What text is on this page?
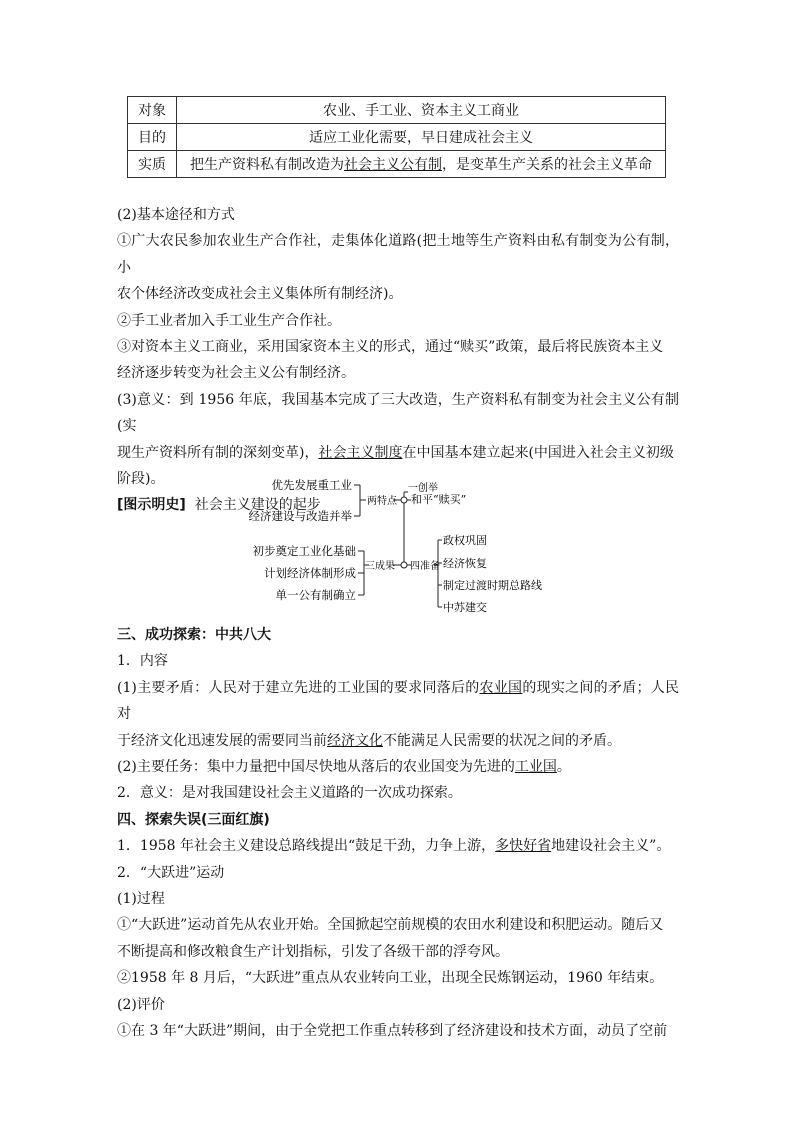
对象	农业、手工业、资本主义工商业
目的	适应工业化需要，早日建成社会主义
实质	把生产资料私有制改造为社会主义公有制，是变革生产关系的社会主义革命

(2)基本途径和方式

①广大农民参加农业生产合作社，走集体化道路(把土地等生产资料由私有制变为公有制，小

农个体经济改变成社会主义集体所有制经济)。

②手工业者加入手工业生产合作社。

③对资本主义工商业，采用国家资本主义的形式，通过“赎买”政策，最后将民族资本主义

经济逐步转变为社会主义公有制经济。

(3)意义：到 1956 年底，我国基本完成了三大改造，生产资料私有制变为社会主义公有制(实

现生产资料所有制的深刻变革)，社会主义制度在中国基本建立起来(中国进入社会主义初级

阶段)。

[图示明史] 社会主义建设的起步

优先发展重工业
经济建设与改造并举
两特点
一创举
和平“赎买”
初步奠定工业化基础
计划经济体制形成
单一公有制确立
三成果 四准备
政权巩固
经济恢复
制定过渡时期总路线
中苏建交

三、成功探索：中共八大

1．内容

(1)主要矛盾：人民对于建立先进的工业国的要求同落后的农业国的现实之间的矛盾；人民对

于经济文化迅速发展的需要同当前经济文化不能满足人民需要的状况之间的矛盾。

(2)主要任务：集中力量把中国尽快地从落后的农业国变为先进的工业国。

2．意义：是对我国建设社会主义道路的一次成功探索。

四、探索失误(三面红旗)

1．1958 年社会主义建设总路线提出“鼓足干劲，力争上游，多快好省地建设社会主义”。

2．“大跃进”运动

(1)过程

①“大跃进”运动首先从农业开始。全国掀起空前规模的农田水利建设和积肥运动。随后又

不断提高和修改粮食生产计划指标，引发了各级干部的浮夸风。

②1958 年 8 月后，“大跃进”重点从农业转向工业，出现全民炼钢运动，1960 年结束。

(2)评价

①在 3 年“大跃进”期间，由于全党把工作重点转移到了经济建设和技术方面，动员了空前
